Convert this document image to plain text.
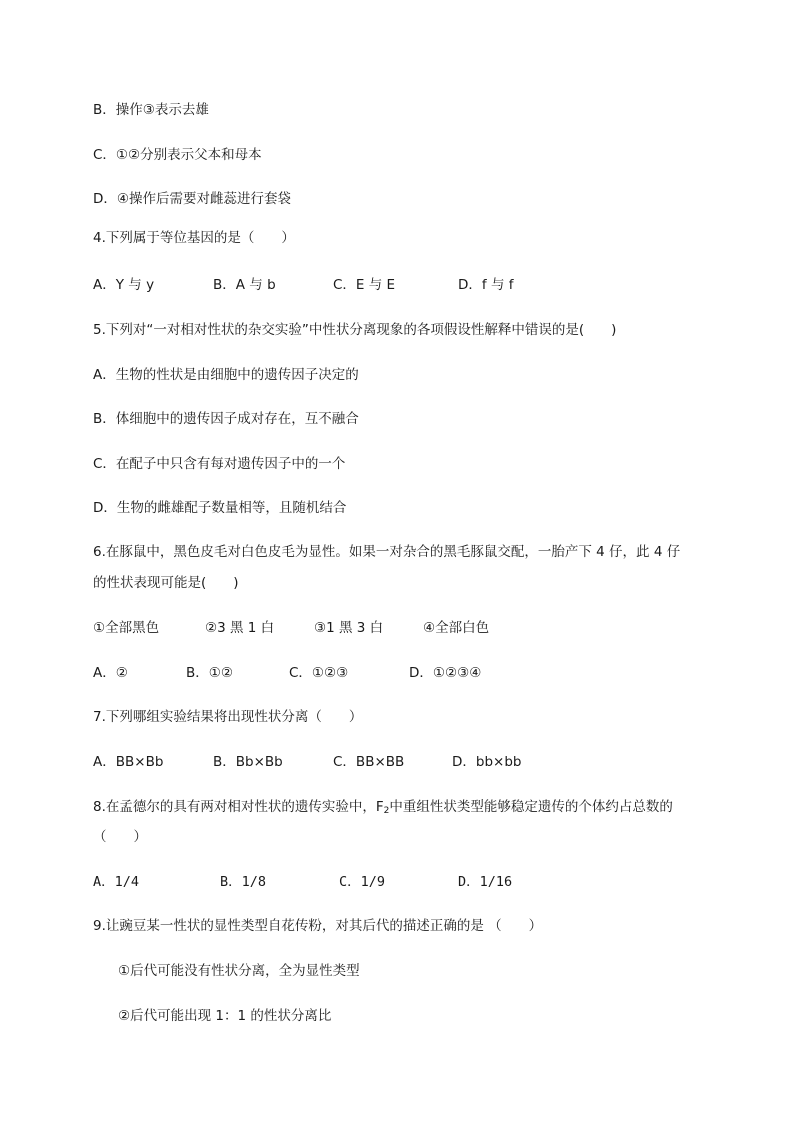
B．操作③表示去雄
C．①②分别表示父本和母本
D．④操作后需要对雌蕊进行套袋
4.下列属于等位基因的是（　　）
A．Y 与 y	B．A 与 b	C．E 与 E	D．f 与 f
5.下列对“一对相对性状的杂交实验”中性状分离现象的各项假设性解释中错误的是(　　)
A．生物的性状是由细胞中的遗传因子决定的
B．体细胞中的遗传因子成对存在，互不融合
C．在配子中只含有每对遗传因子中的一个
D．生物的雌雄配子数量相等，且随机结合
6.在豚鼠中，黑色皮毛对白色皮毛为显性。如果一对杂合的黑毛豚鼠交配，一胎产下 4 仔，此 4 仔
的性状表现可能是(　　)
①全部黑色	②3 黑 1 白	③1 黑 3 白	④全部白色
A．②	B．①②	C．①②③	D．①②③④
7.下列哪组实验结果将出现性状分离（　　）
A．BB×Bb	B．Bb×Bb	C．BB×BB	D．bb×bb
8.在孟德尔的具有两对相对性状的遗传实验中，$F_2$中重组性状类型能够稳定遗传的个体约占总数的
（　　）
A．1/4	B．1/8	C．1/9	D．1/16
9.让豌豆某一性状的显性类型自花传粉，对其后代的描述正确的是 （　　）
①后代可能没有性状分离，全为显性类型
②后代可能出现 1：1 的性状分离比
